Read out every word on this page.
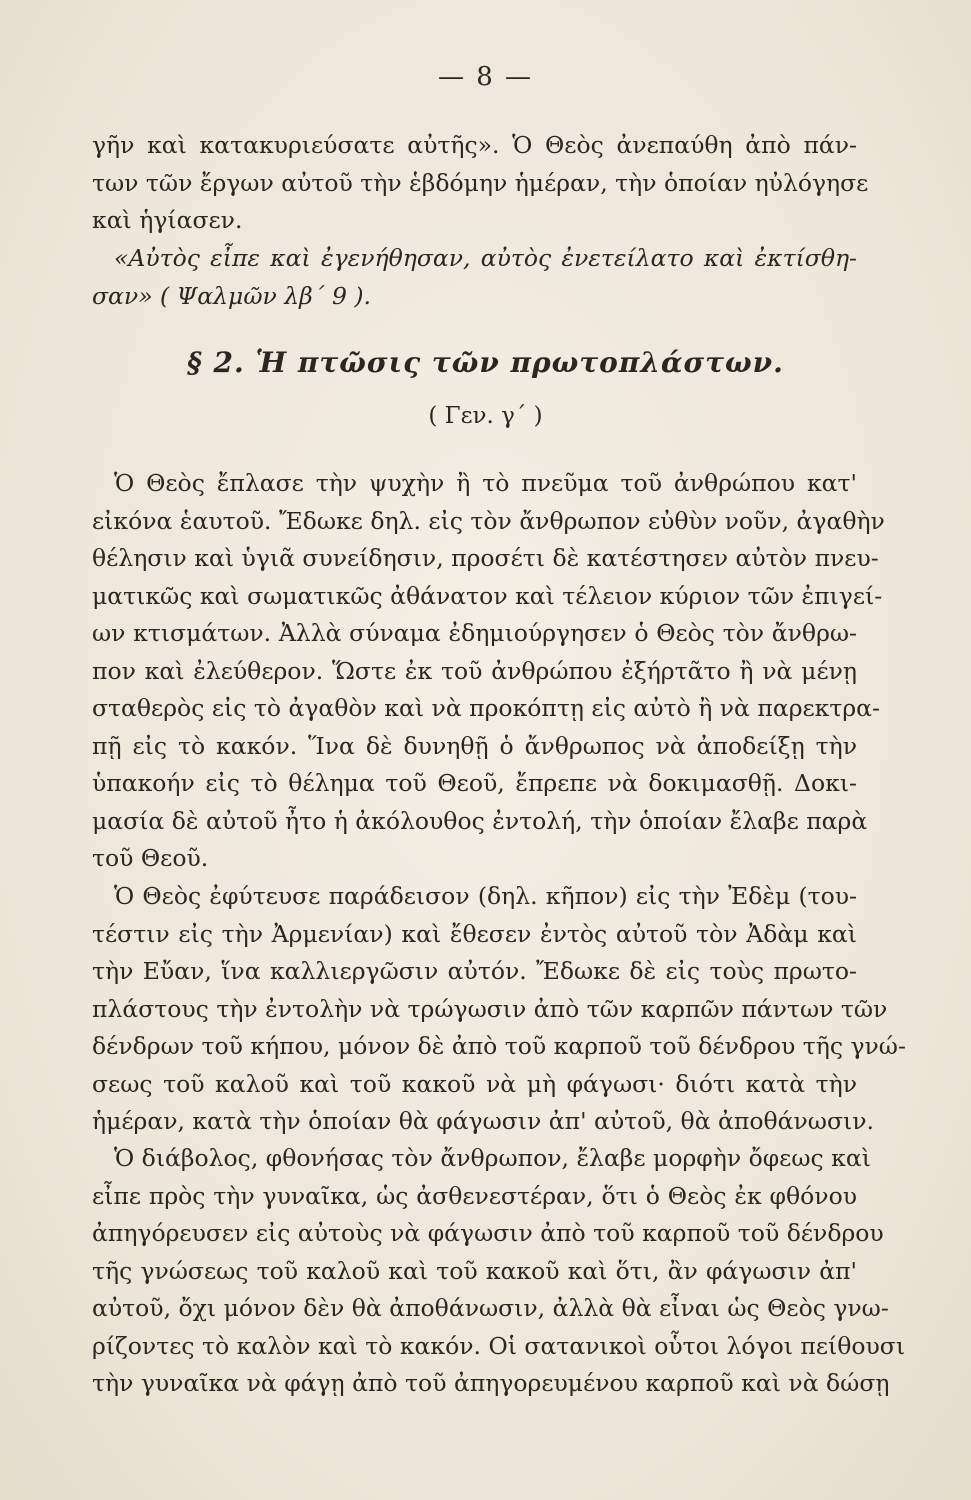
— 8 —
γῆν καὶ κατακυριεύσατε αὐτῆς». Ὁ Θεὸς ἀνεπαύθη ἀπὸ πάν-
των τῶν ἔργων αὐτοῦ τὴν ἑβδόμην ἡμέραν, τὴν ὁποίαν ηὐλόγησε
καὶ ἡγίασεν.
«Αὐτὸς εἶπε καὶ ἐγενήθησαν, αὐτὸς ἐνετείλατο καὶ ἐκτίσθη-
σαν» ( Ψαλμῶν λβ΄ 9 ).
§ 2. Ἡ πτῶσις τῶν πρωτοπλάστων.
( Γεν. γ΄ )
Ὁ Θεὸς ἔπλασε τὴν ψυχὴν ἢ τὸ πνεῦμα τοῦ ἀνθρώπου κατ'
εἰκόνα ἑαυτοῦ. Ἔδωκε δηλ. εἰς τὸν ἄνθρωπον εὐθὺν νοῦν, ἀγαθὴν
θέλησιν καὶ ὑγιᾶ συνείδησιν, προσέτι δὲ κατέστησεν αὐτὸν πνευ-
ματικῶς καὶ σωματικῶς ἀθάνατον καὶ τέλειον κύριον τῶν ἐπιγεί-
ων κτισμάτων. Ἀλλὰ σύναμα ἐδημιούργησεν ὁ Θεὸς τὸν ἄνθρω-
πον καὶ ἐλεύθερον. Ὥστε ἐκ τοῦ ἀνθρώπου ἐξήρτᾶτο ἢ νὰ μένῃ
σταθερὸς εἰς τὸ ἀγαθὸν καὶ νὰ προκόπτῃ εἰς αὐτὸ ἢ νὰ παρεκτρα-
πῇ εἰς τὸ κακόν. Ἵνα δὲ δυνηθῇ ὁ ἄνθρωπος νὰ ἀποδείξῃ τὴν
ὑπακοήν εἰς τὸ θέλημα τοῦ Θεοῦ, ἔπρεπε νὰ δοκιμασθῇ. Δοκι-
μασία δὲ αὐτοῦ ἦτο ἡ ἀκόλουθος ἐντολή, τὴν ὁποίαν ἔλαβε παρὰ
τοῦ Θεοῦ.
Ὁ Θεὸς ἐφύτευσε παράδεισον (δηλ. κῆπον) εἰς τὴν Ἐδὲμ (του-
τέστιν εἰς τὴν Ἀρμενίαν) καὶ ἔθεσεν ἐντὸς αὐτοῦ τὸν Ἀδὰμ καὶ
τὴν Εὔαν, ἵνα καλλιεργῶσιν αὐτόν. Ἔδωκε δὲ εἰς τοὺς πρωτο-
πλάστους τὴν ἐντολὴν νὰ τρώγωσιν ἀπὸ τῶν καρπῶν πάντων τῶν
δένδρων τοῦ κήπου, μόνον δὲ ἀπὸ τοῦ καρποῦ τοῦ δένδρου τῆς γνώ-
σεως τοῦ καλοῦ καὶ τοῦ κακοῦ νὰ μὴ φάγωσι· διότι κατὰ τὴν
ἡμέραν, κατὰ τὴν ὁποίαν θὰ φάγωσιν ἀπ' αὐτοῦ, θὰ ἀποθάνωσιν.
Ὁ διάβολος, φθονήσας τὸν ἄνθρωπον, ἔλαβε μορφὴν ὄφεως καὶ
εἶπε πρὸς τὴν γυναῖκα, ὡς ἀσθενεστέραν, ὅτι ὁ Θεὸς ἐκ φθόνου
ἀπηγόρευσεν εἰς αὐτοὺς νὰ φάγωσιν ἀπὸ τοῦ καρποῦ τοῦ δένδρου
τῆς γνώσεως τοῦ καλοῦ καὶ τοῦ κακοῦ καὶ ὅτι, ἂν φάγωσιν ἀπ'
αὐτοῦ, ὄχι μόνον δὲν θὰ ἀποθάνωσιν, ἀλλὰ θὰ εἶναι ὡς Θεὸς γνω-
ρίζοντες τὸ καλὸν καὶ τὸ κακόν. Οἱ σατανικοὶ οὗτοι λόγοι πείθουσι
τὴν γυναῖκα νὰ φάγῃ ἀπὸ τοῦ ἀπηγορευμένου καρποῦ καὶ νὰ δώσῃ
